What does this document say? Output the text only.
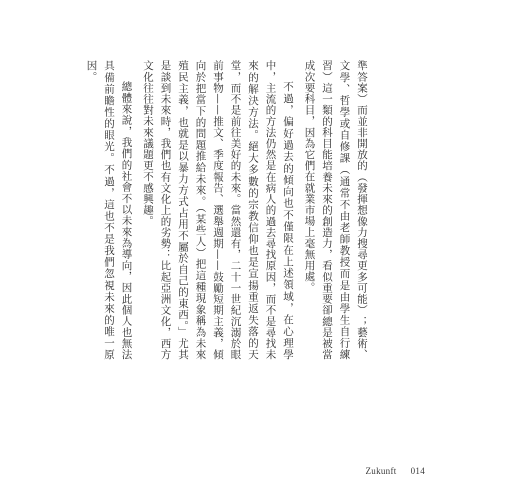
準答案）而並非開放的（發揮想像力搜尋更多可能）；藝術、文學、哲學或自修課（通常不由老師教授而是由學生自行練習）這一類的科目能培養未來的創造力，看似重要卻總是被當成次要科目，因為它們在就業市場上毫無用處。

不過，偏好過去的傾向也不僅限在上述領域，在心理學中，主流的方法仍然是在病人的過去尋找原因，而不是尋找未來的解決方法。絕大多數的宗教信仰也是宣揚重返失落的天堂，而不是前往美好的未來。當然還有，二十一世紀沉溺於眼前事物——推文、季度報告、選舉週期——鼓勵短期主義，傾向於把當下的問題推給未來。（某些人）把這種現象稱為未來殖民主義，也就是以暴力方式占用不屬於自己的東西。」尤其是談到未來時，我們也有文化上的劣勢：比起亞洲文化，西方文化往往對未來議題更不感興趣。

總體來說，我們的社會不以未來為導向，因此個人也無法具備前瞻性的眼光。不過，這也不是我們忽視未來的唯一原因。

Zukunft 014
